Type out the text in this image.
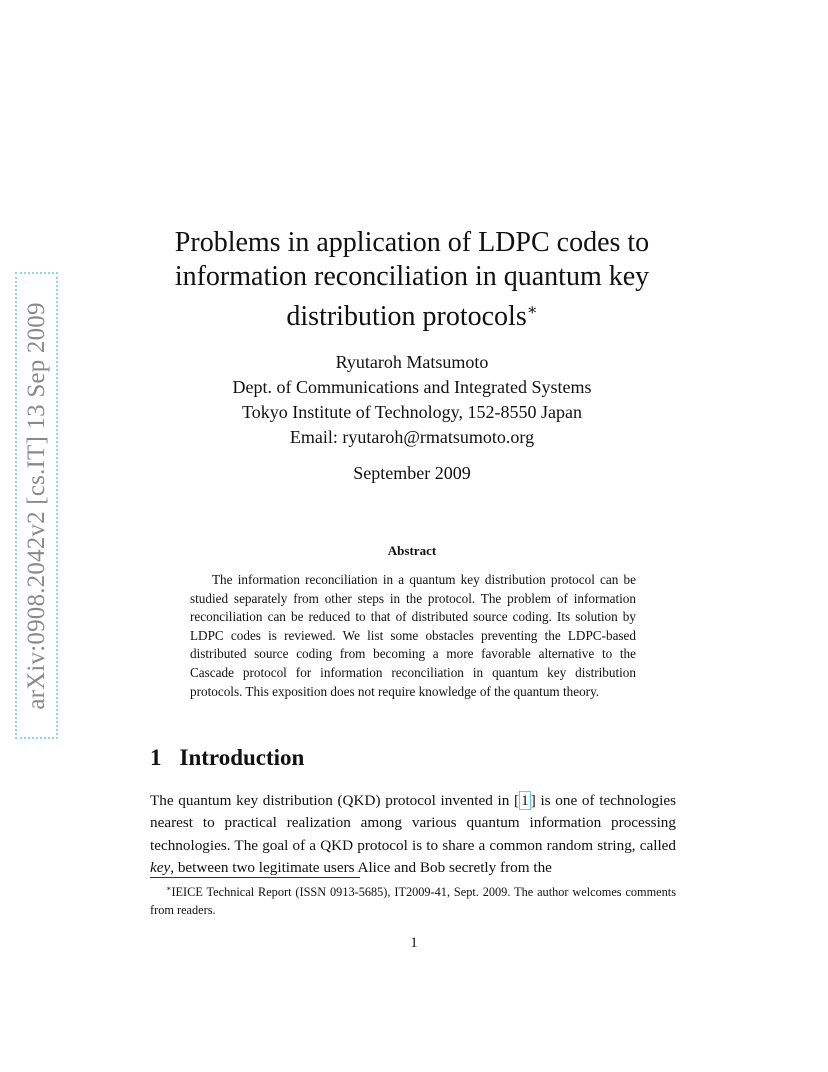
arXiv:0908.2042v2 [cs.IT] 13 Sep 2009
Problems in application of LDPC codes to information reconciliation in quantum key distribution protocols∗
Ryutaroh Matsumoto
Dept. of Communications and Integrated Systems
Tokyo Institute of Technology, 152-8550 Japan
Email: ryutaroh@rmatsumoto.org
September 2009
Abstract

The information reconciliation in a quantum key distribution protocol can be studied separately from other steps in the protocol. The problem of information reconciliation can be reduced to that of distributed source coding. Its solution by LDPC codes is reviewed. We list some obstacles preventing the LDPC-based distributed source coding from becoming a more favorable alternative to the Cascade protocol for information reconciliation in quantum key distribution protocols. This exposition does not require knowledge of the quantum theory.

1 Introduction

The quantum key distribution (QKD) protocol invented in [ 1 ] is one of technologies nearest to practical realization among various quantum information processing technologies. The goal of a QKD protocol is to share a common random string, called key, between two legitimate users Alice and Bob secretly from the

∗IEICE Technical Report (ISSN 0913-5685), IT2009-41, Sept. 2009. The author welcomes comments from readers.

1
